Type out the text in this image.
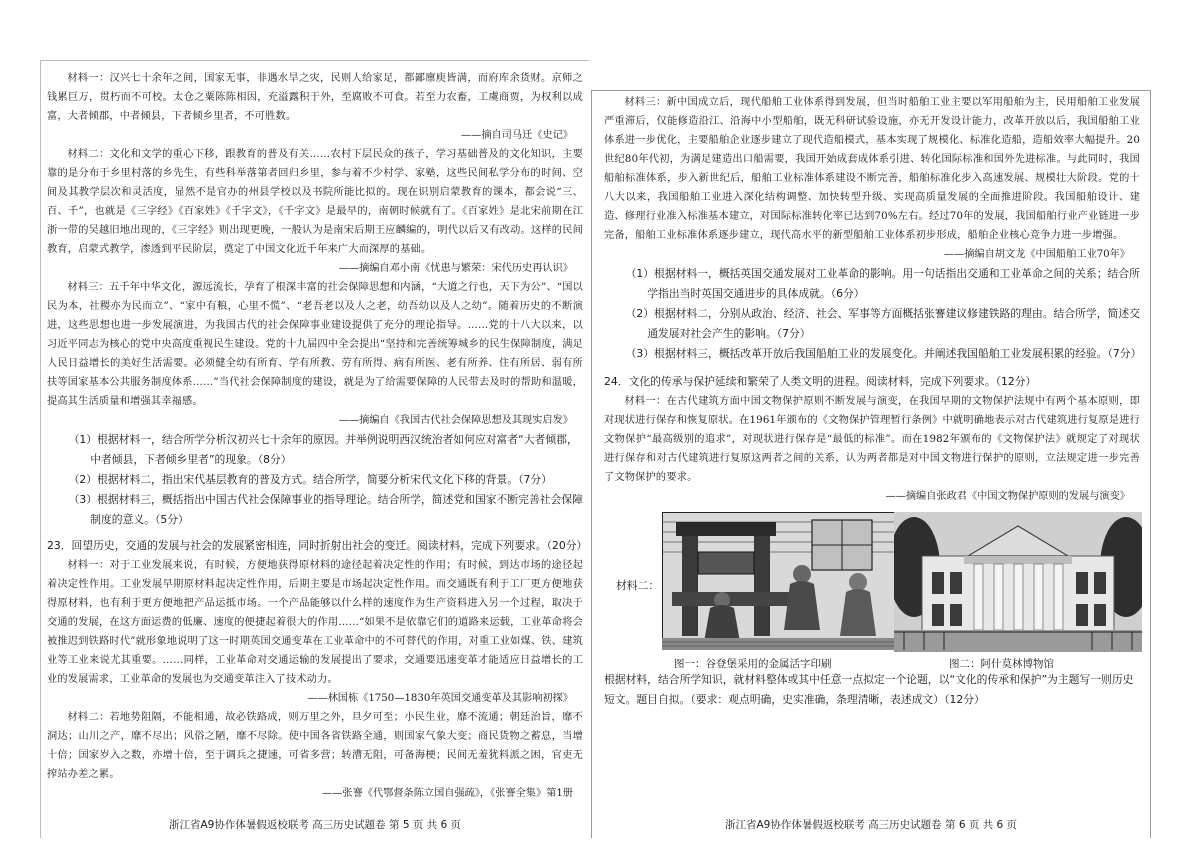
材料一：汉兴七十余年之间，国家无事，非遇水旱之灾，民则人给家足，都鄙廪庾皆满，而府库余货财。京师之钱累巨万，贯朽而不可校。太仓之粟陈陈相因，充溢露积于外，至腐败不可食。若至力农畜，工虞商贾，为权利以成富，大者倾郡，中者倾县，下者倾乡里者，不可胜数。

——摘自司马迁《史记》

材料二：文化和文学的重心下移，跟教育的普及有关……农村下层民众的孩子，学习基础普及的文化知识，主要靠的是分布于乡里村落的乡先生，有些科举落第者回归乡里，参与着不少村学、家塾，这些民间私学分布的时间、空间及其教学层次和灵活度，显然不是官办的州县学校以及书院所能比拟的。现在识别启蒙教育的课本，都会说“三、百、千”，也就是《三字经》《百家姓》《千字文》，《千字文》是最早的，南朝时候就有了。《百家姓》是北宋前期在江浙一带的吴越旧地出现的，《三字经》则出现更晚，一般认为是南宋后期王应麟编的，明代以后又有改动。这样的民间教育，启蒙式教学，渗透到平民阶层，奠定了中国文化近千年来广大而深厚的基础。

——摘编自邓小南《忧患与繁荣：宋代历史再认识》

材料三：五千年中华文化，源远流长，孕育了根深丰富的社会保障思想和内涵，“大道之行也，天下为公”、“国以民为本，社稷亦为民而立”、“家中有粮，心里不慌”、“老吾老以及人之老，幼吾幼以及人之幼”。随着历史的不断演进，这些思想也进一步发展演进，为我国古代的社会保障事业建设提供了充分的理论指导。……党的十八大以来，以习近平同志为核心的党中央高度重视民生建设。党的十九届四中全会提出“坚持和完善统筹城乡的民生保障制度，满足人民日益增长的美好生活需要。必须健全幼有所育、学有所教、劳有所得、病有所医、老有所养、住有所居、弱有所扶等国家基本公共服务制度体系……”当代社会保障制度的建设，就是为了给需要保障的人民带去及时的帮助和温暖，提高其生活质量和增强其幸福感。

——摘编自《我国古代社会保障思想及其现实启发》

（1）根据材料一，结合所学分析汉初兴七十余年的原因。并举例说明西汉统治者如何应对富者“大者倾郡，中者倾县，下者倾乡里者”的现象。（8分）

（2）根据材料二，指出宋代基层教育的普及方式。结合所学，简要分析宋代文化下移的背景。（7分）

（3）根据材料三，概括指出中国古代社会保障事业的指导理论。结合所学，简述党和国家不断完善社会保障制度的意义。（5分）

23．回望历史，交通的发展与社会的发展紧密相连，同时折射出社会的变迁。阅读材料，完成下列要求。（20分）

材料一：对于工业发展来说，有时候，方便地获得原材料的途径起着决定性的作用；有时候，到达市场的途径起着决定性作用。工业发展早期原材料起决定性作用，后期主要是市场起决定性作用。而交通既有利于工厂更方便地获得原材料，也有利于更方便地把产品运抵市场。一个产品能够以什么样的速度作为生产资料进入另一个过程，取决于交通的发展，在这方面运费的低廉、速度的便捷起着很大的作用……“如果不是依靠它们的道路来运载，工业革命将会被推迟到铁路时代”就形象地说明了这一时期英国交通变革在工业革命中的不可替代的作用，对重工业如煤、铁、建筑业等工业来说尤其重要。……同样，工业革命对交通运输的发展提出了要求，交通要迅速变革才能适应日益增长的工业的发展需求，工业革命的发展也为交通变革注入了技术动力。

——林国栋《1750—1830年英国交通变革及其影响初探》

材料二：若地势阻隔，不能相通，故必铁路成，则万里之外，旦夕可至；小民生业，靡不流通；朝廷治旨，靡不洞达；山川之产，靡不尽出；风俗之陋，靡不尽除。使中国各省铁路全通，则国家气象大变；商民货物之蓄息，当增十倍；国家岁入之数，亦增十倍，至于调兵之捷速，可省多营；转漕无阻，可备海梗；民间无羞犹料派之困，官吏无搾站办差之累。

——张謇《代鄂督条陈立国自强疏》，《张謇全集》第1册

浙江省A9协作体暑假返校联考 高三历史试题卷 第 5 页 共 6 页

材料三：新中国成立后，现代船舶工业体系得到发展，但当时船舶工业主要以军用船舶为主，民用船舶工业发展严重滞后，仅能修造沿江、沿海中小型船舶，既无科研试验设施，亦无开发设计能力，改革开放以后，我国船舶工业体系进一步优化，主要船舶企业逐步建立了现代造船模式，基本实现了规模化、标准化造船，造船效率大幅提升。20世纪80年代初，为满足建造出口船需要，我国开始成套成体系引进、转化国际标准和国外先进标准。与此同时，我国船舶标准体系，步入新世纪后，船舶工业标准体系建设不断完善，船舶标准化步入高速发展、规模壮大阶段。党的十八大以来，我国船舶工业进入深化结构调整、加快转型升级、实现高质量发展的全面推进阶段。我国船舶设计、建造、修理行业准入标准基本建立，对国际标准转化率已达到70%左右。经过70年的发展，我国船舶行业产业链进一步完备，船舶工业标准体系逐步建立，现代高水平的新型船舶工业体系初步形成，船舶企业核心竞争力进一步增强。

——摘编自胡文龙《中国船舶工业70年》

（1）根据材料一，概括英国交通发展对工业革命的影响。用一句话指出交通和工业革命之间的关系；结合所学指出当时英国交通进步的具体成就。（6分）

（2）根据材料二，分别从政治、经济、社会、军事等方面概括张謇建议修建铁路的理由。结合所学，简述交通发展对社会产生的影响。（7分）

（3）根据材料三，概括改革开放后我国船舶工业的发展变化。并阐述我国船舶工业发展积累的经验。（7分）

24．文化的传承与保护延续和繁荣了人类文明的进程。阅读材料，完成下列要求。（12分）

材料一：在古代建筑方面中国文物保护原则不断发展与演变，在我国早期的文物保护法规中有两个基本原则，即对现状进行保存和恢复原状。在1961年颁布的《文物保护管理暂行条例》中就明确地表示对古代建筑进行复原是进行文物保护“最高级别的追求”，对现状进行保存是“最低的标准”。而在1982年颁布的《文物保护法》就规定了对现状进行保存和对古代建筑进行复原这两者之间的关系，认为两者都是对中国文物进行保护的原则，立法规定进一步完善了文物保护的要求。

——摘编自张政君《中国文物保护原则的发展与演变》

材料二：
图一：谷登堡采用的金属活字印刷	图二：阿什莫林博物馆

根据材料，结合所学知识，就材料整体或其中任意一点拟定一个论题，以“文化的传承和保护”为主题写一则历史短文。题目自拟。（要求：观点明确，史实准确，条理清晰，表述成文）（12分）

浙江省A9协作体暑假返校联考 高三历史试题卷 第 6 页 共 6 页
